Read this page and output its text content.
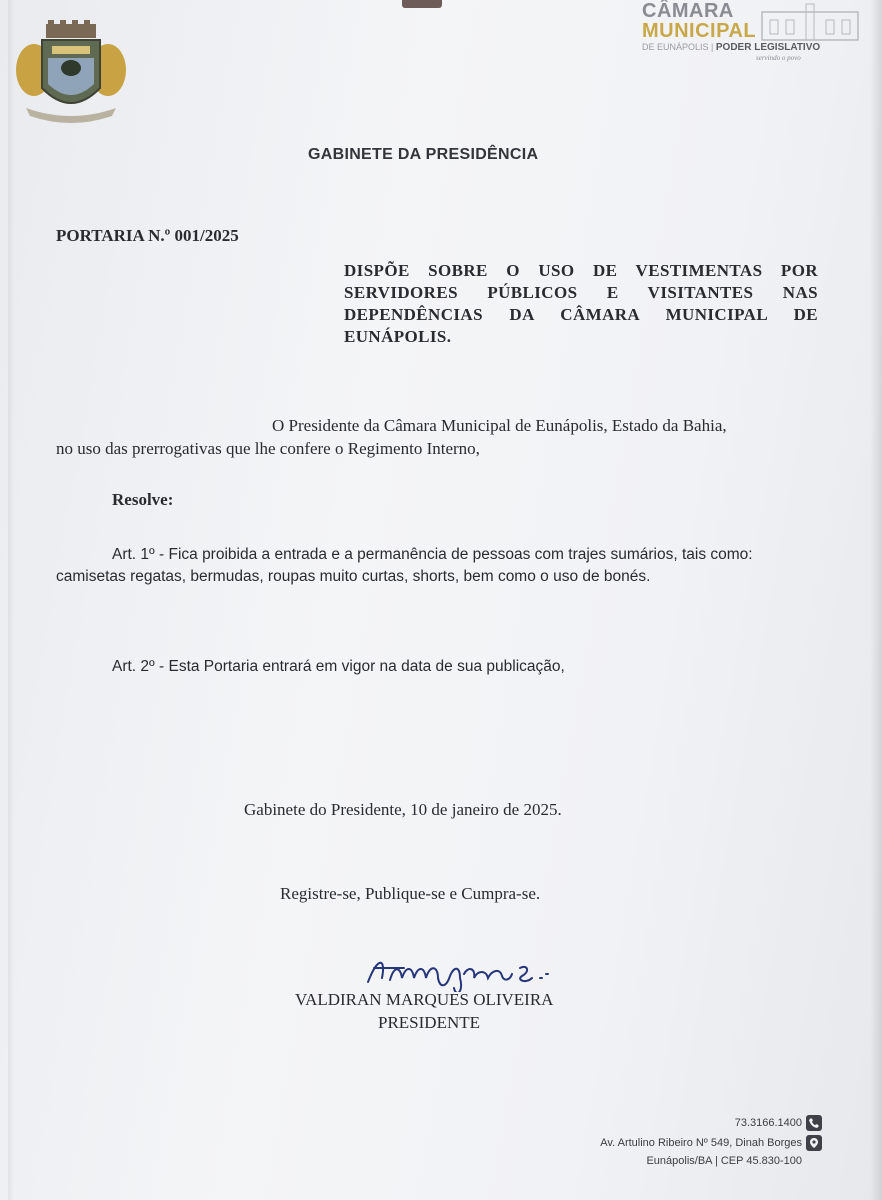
CÂMARA
MUNICIPAL
DE EUNÁPOLIS | PODER LEGISLATIVO
servindo o povo
GABINETE DA PRESIDÊNCIA
PORTARIA N.º 001/2025
DISPÕE SOBRE O USO DE VESTIMENTAS POR SERVIDORES PÚBLICOS E VISITANTES NAS DEPENDÊNCIAS DA CÂMARA MUNICIPAL DE EUNÁPOLIS.
O Presidente da Câmara Municipal de Eunápolis, Estado da Bahia,
no uso das prerrogativas que lhe confere o Regimento Interno,
Resolve:
Art. 1º - Fica proibida a entrada e a permanência de pessoas com trajes sumários, tais como:
camisetas regatas, bermudas, roupas muito curtas, shorts, bem como o uso de bonés.
Art. 2º - Esta Portaria entrará em vigor na data de sua publicação,
Gabinete do Presidente, 10 de janeiro de 2025.
Registre-se, Publique-se e Cumpra-se.
VALDIRAN MARQUES OLIVEIRA
PRESIDENTE
73.3166.1400
Av. Artulino Ribeiro Nº 549, Dinah Borges
Eunápolis/BA | CEP 45.830-100
